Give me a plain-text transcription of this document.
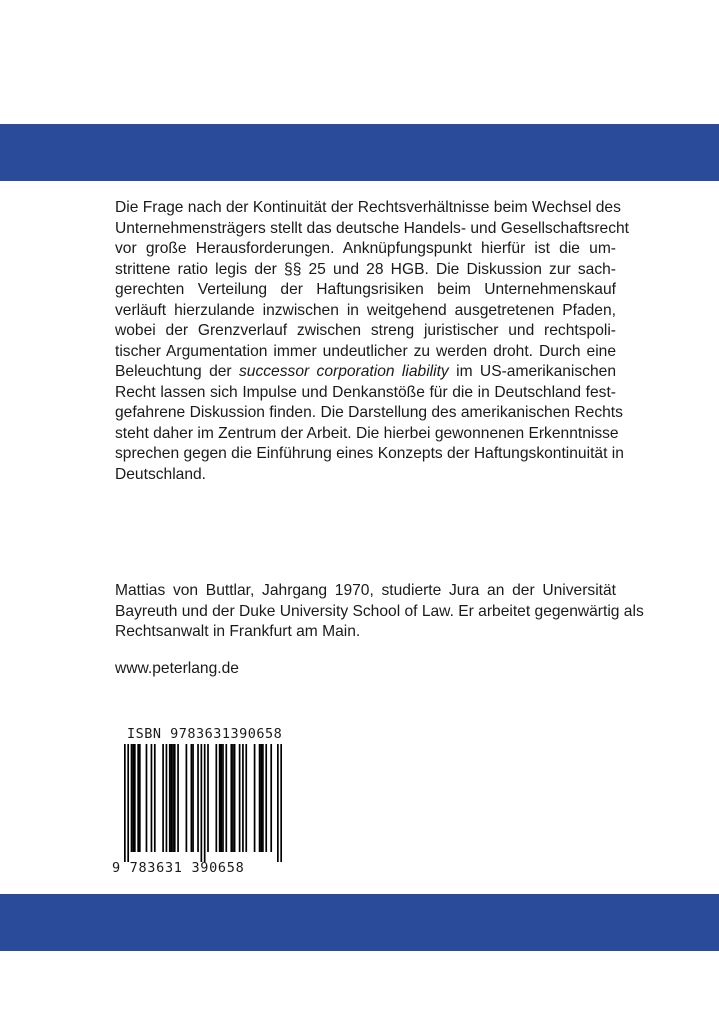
Die Frage nach der Kontinuität der Rechtsverhältnisse beim Wechsel des
Unternehmensträgers stellt das deutsche Handels- und Gesellschaftsrecht
vor große Herausforderungen. Anknüpfungspunkt hierfür ist die um-
strittene ratio legis der §§ 25 und 28 HGB. Die Diskussion zur sach-
gerechten Verteilung der Haftungsrisiken beim Unternehmenskauf
verläuft hierzulande inzwischen in weitgehend ausgetretenen Pfaden,
wobei der Grenzverlauf zwischen streng juristischer und rechtspoli-
tischer Argumentation immer undeutlicher zu werden droht. Durch eine
Beleuchtung der successor corporation liability im US-amerikanischen
Recht lassen sich Impulse und Denkanstöße für die in Deutschland fest-
gefahrene Diskussion finden. Die Darstellung des amerikanischen Rechts
steht daher im Zentrum der Arbeit. Die hierbei gewonnenen Erkenntnisse
sprechen gegen die Einführung eines Konzepts der Haftungskontinuität in
Deutschland.
Mattias von Buttlar, Jahrgang 1970, studierte Jura an der Universität
Bayreuth und der Duke University School of Law. Er arbeitet gegenwärtig als
Rechtsanwalt in Frankfurt am Main.
www.peterlang.de
ISBN 9783631390658
9 783631 390658
